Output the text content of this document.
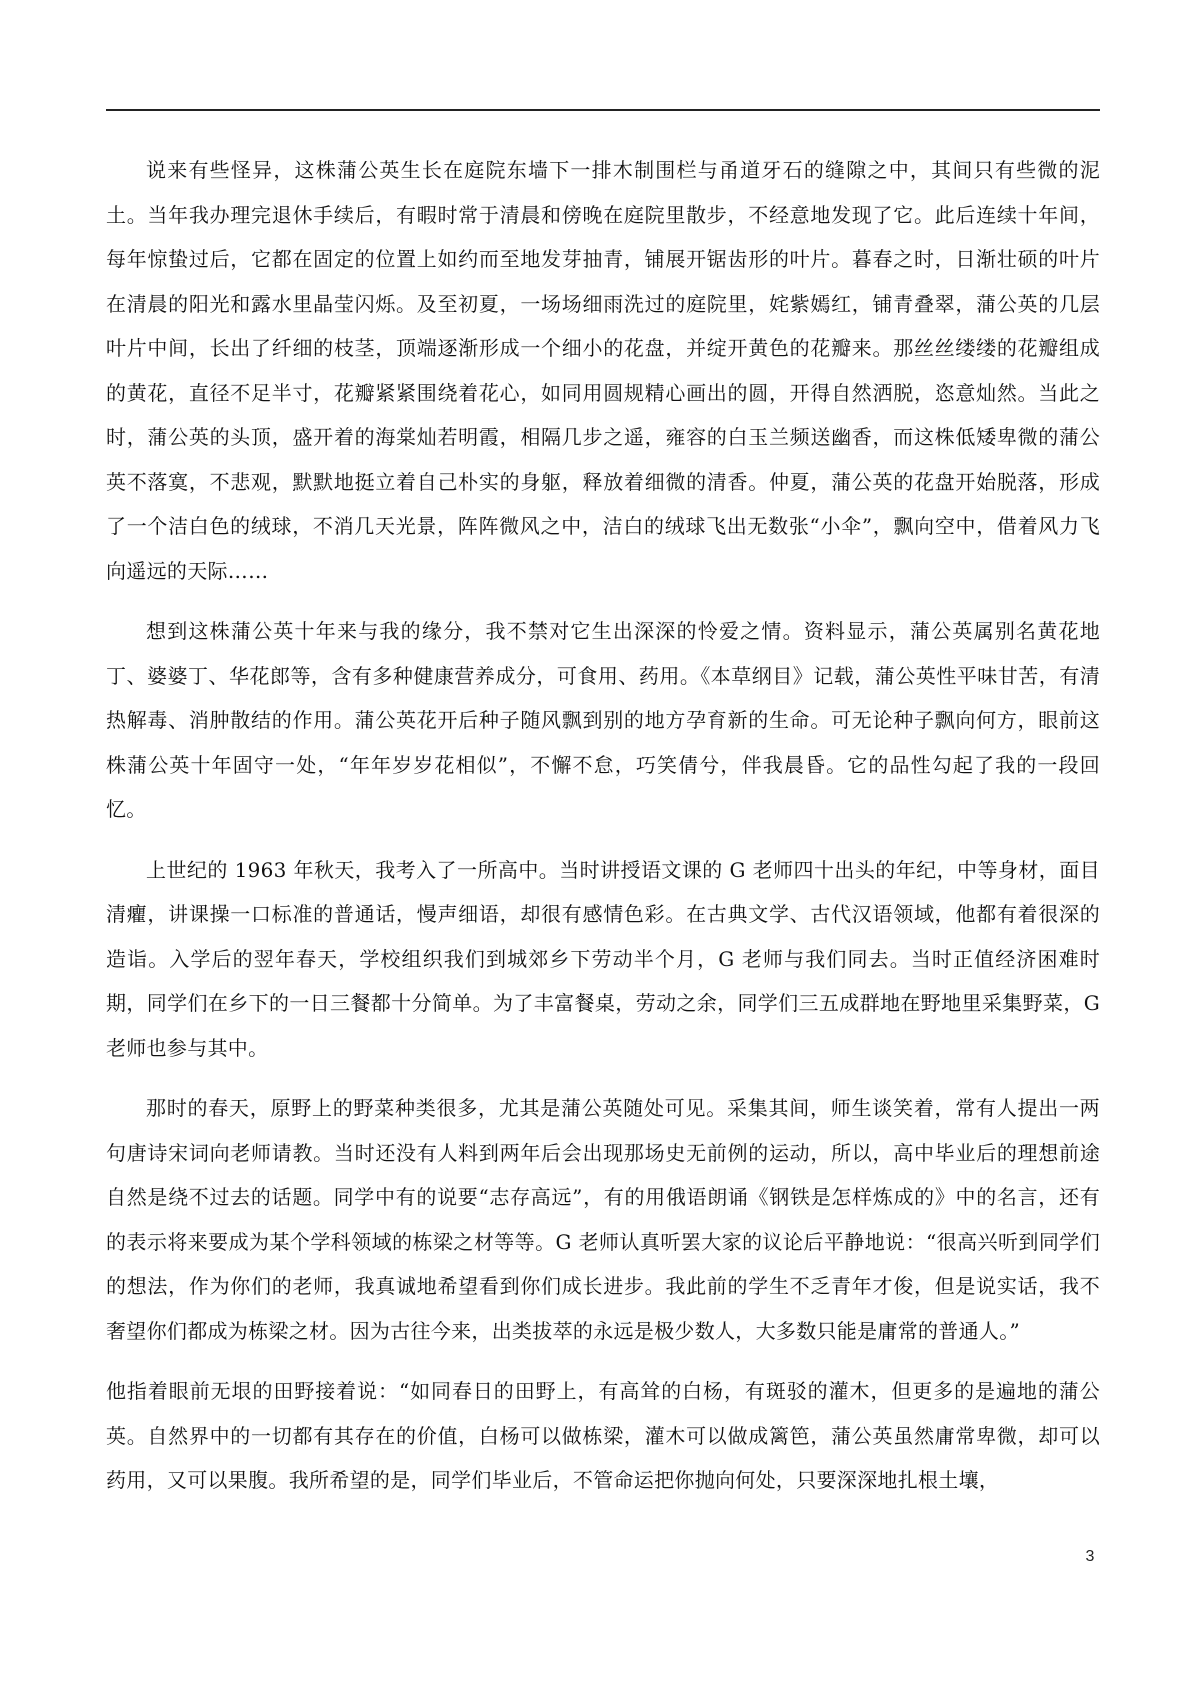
说来有些怪异，这株蒲公英生长在庭院东墙下一排木制围栏与甬道牙石的缝隙之中，其间只有些微的泥土。当年我办理完退休手续后，有暇时常于清晨和傍晚在庭院里散步，不经意地发现了它。此后连续十年间，每年惊蛰过后，它都在固定的位置上如约而至地发芽抽青，铺展开锯齿形的叶片。暮春之时，日渐壮硕的叶片在清晨的阳光和露水里晶莹闪烁。及至初夏，一场场细雨洗过的庭院里，姹紫嫣红，铺青叠翠，蒲公英的几层叶片中间，长出了纤细的枝茎，顶端逐渐形成一个细小的花盘，并绽开黄色的花瓣来。那丝丝缕缕的花瓣组成的黄花，直径不足半寸，花瓣紧紧围绕着花心，如同用圆规精心画出的圆，开得自然洒脱，恣意灿然。当此之时，蒲公英的头顶，盛开着的海棠灿若明霞，相隔几步之遥，雍容的白玉兰频送幽香，而这株低矮卑微的蒲公英不落寞，不悲观，默默地挺立着自己朴实的身躯，释放着细微的清香。仲夏，蒲公英的花盘开始脱落，形成了一个洁白色的绒球，不消几天光景，阵阵微风之中，洁白的绒球飞出无数张“小伞”，飘向空中，借着风力飞向遥远的天际……

想到这株蒲公英十年来与我的缘分，我不禁对它生出深深的怜爱之情。资料显示，蒲公英属别名黄花地丁、婆婆丁、华花郎等，含有多种健康营养成分，可食用、药用。《本草纲目》记载，蒲公英性平味甘苦，有清热解毒、消肿散结的作用。蒲公英花开后种子随风飘到别的地方孕育新的生命。可无论种子飘向何方，眼前这株蒲公英十年固守一处，“年年岁岁花相似”，不懈不怠，巧笑倩兮，伴我晨昏。它的品性勾起了我的一段回忆。

上世纪的 1963 年秋天，我考入了一所高中。当时讲授语文课的 G 老师四十出头的年纪，中等身材，面目清癯，讲课操一口标准的普通话，慢声细语，却很有感情色彩。在古典文学、古代汉语领域，他都有着很深的造诣。入学后的翌年春天，学校组织我们到城郊乡下劳动半个月，G 老师与我们同去。当时正值经济困难时期，同学们在乡下的一日三餐都十分简单。为了丰富餐桌，劳动之余，同学们三五成群地在野地里采集野菜，G 老师也参与其中。

那时的春天，原野上的野菜种类很多，尤其是蒲公英随处可见。采集其间，师生谈笑着，常有人提出一两句唐诗宋词向老师请教。当时还没有人料到两年后会出现那场史无前例的运动，所以，高中毕业后的理想前途自然是绕不过去的话题。同学中有的说要“志存高远”，有的用俄语朗诵《钢铁是怎样炼成的》中的名言，还有的表示将来要成为某个学科领域的栋梁之材等等。G 老师认真听罢大家的议论后平静地说：“很高兴听到同学们的想法，作为你们的老师，我真诚地希望看到你们成长进步。我此前的学生不乏青年才俊，但是说实话，我不奢望你们都成为栋梁之材。因为古往今来，出类拔萃的永远是极少数人，大多数只能是庸常的普通人。”

他指着眼前无垠的田野接着说：“如同春日的田野上，有高耸的白杨，有斑驳的灌木，但更多的是遍地的蒲公英。自然界中的一切都有其存在的价值，白杨可以做栋梁，灌木可以做成篱笆，蒲公英虽然庸常卑微，却可以药用，又可以果腹。我所希望的是，同学们毕业后，不管命运把你抛向何处，只要深深地扎根土壤，

3
